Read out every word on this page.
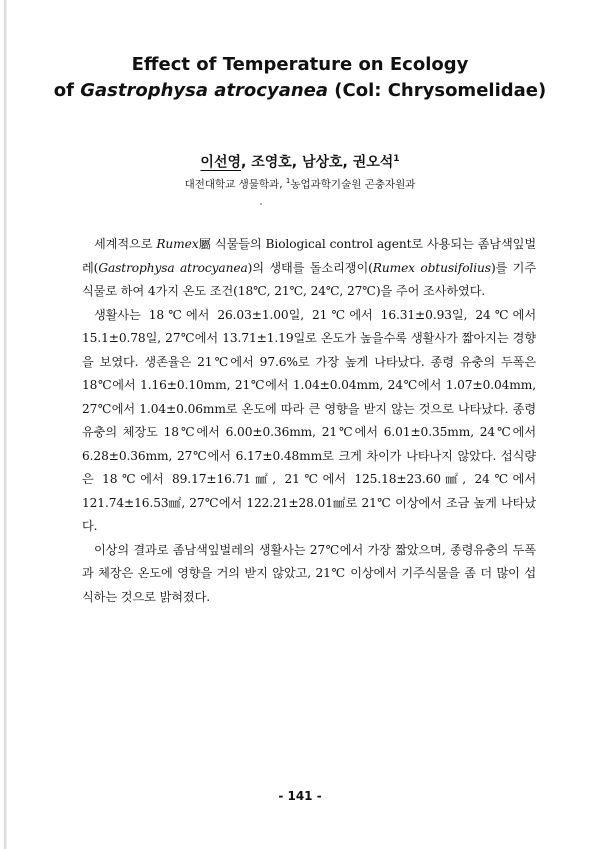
Effect of Temperature on Ecology
of Gastrophysa atrocyanea (Col: Chrysomelidae)
이선영, 조영호, 남상호, 권오석$^1$
대전대학교 생물학과, $^1$농업과학기술원 곤충자원과

세계적으로 Rumex屬 식물들의 Biological control agent로 사용되는 좀남색잎벌레(Gastrophysa atrocyanea)의 생태를 돌소리쟁이(Rumex obtusifolius)를 기주식물로 하여 4가지 온도 조건(18℃, 21℃, 24℃, 27℃)을 주어 조사하였다.

생활사는 18℃에서 26.03±1.00일, 21℃에서 16.31±0.93일, 24℃에서 15.1±0.78일, 27℃에서 13.71±1.19일로 온도가 높을수록 생활사가 짧아지는 경향을 보였다. 생존율은 21℃에서 97.6%로 가장 높게 나타났다. 종령 유충의 두폭은 18℃에서 1.16±0.10mm, 21℃에서 1.04±0.04mm, 24℃에서 1.07±0.04mm, 27℃에서 1.04±0.06mm로 온도에 따라 큰 영향을 받지 않는 것으로 나타났다. 종령 유충의 체장도 18℃에서 6.00±0.36mm, 21℃에서 6.01±0.35mm, 24℃에서 6.28±0.36mm, 27℃에서 6.17±0.48mm로 크게 차이가 나타나지 않았다. 섭식량은 18℃에서 89.17±16.71㎟, 21℃에서 125.18±23.60㎟, 24℃에서 121.74±16.53㎟, 27℃에서 122.21±28.01㎟로 21℃ 이상에서 조금 높게 나타났다.

이상의 결과로 좀남색잎벌레의 생활사는 27℃에서 가장 짧았으며, 종령유충의 두폭과 체장은 온도에 영향을 거의 받지 않았고, 21℃ 이상에서 기주식물을 좀 더 많이 섭식하는 것으로 밝혀졌다.

- 141 -
